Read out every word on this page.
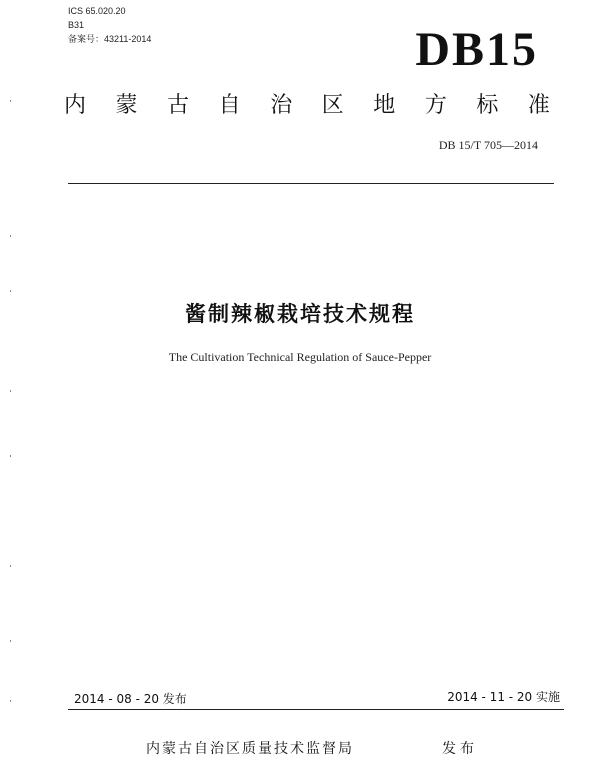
ICS 65.020.20
B31
备案号：43211-2014	DB15
内 蒙 古 自 治 区 地 方 标 准
DB 15/T 705—2014
酱制辣椒栽培技术规程
The Cultivation Technical Regulation of Sauce-Pepper
2014 - 08 - 20 发布	2014 - 11 - 20 实施
内蒙古自治区质量技术监督局	发布
